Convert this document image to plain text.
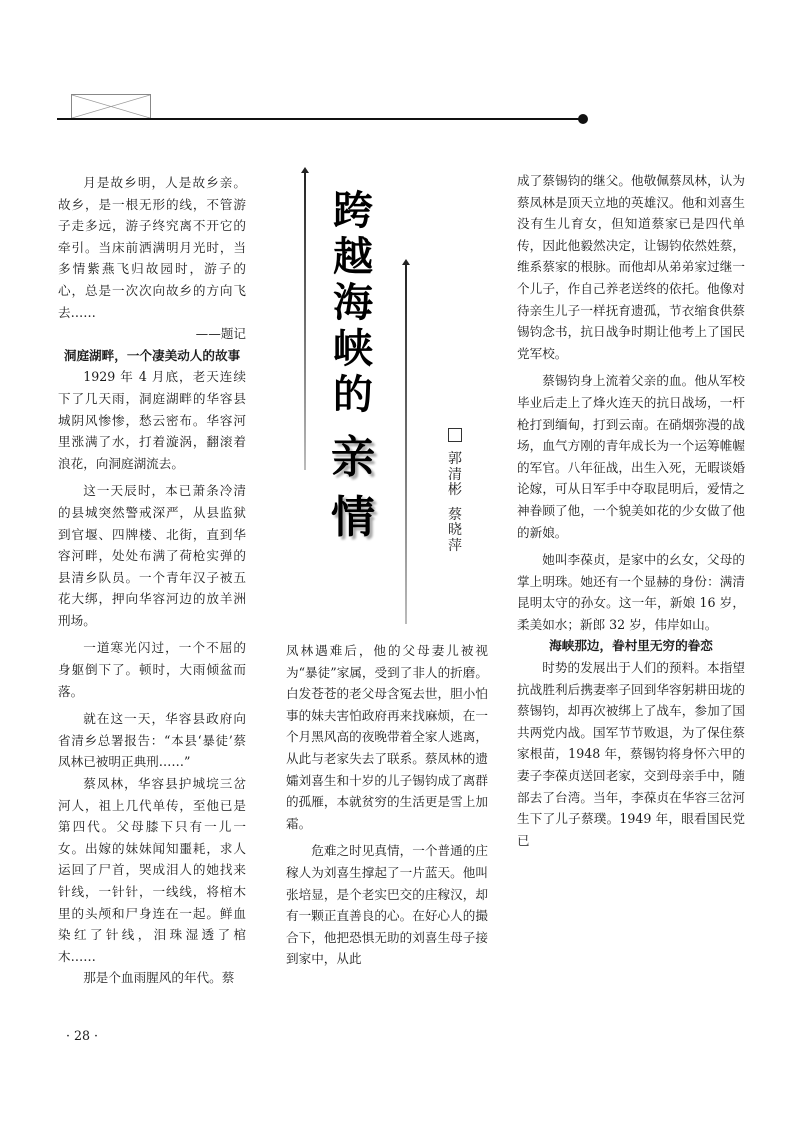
月是故乡明，人是故乡亲。故乡，是一根无形的线，不管游子走多远，游子终究离不开它的牵引。当床前洒满明月光时，当多情紫燕飞归故园时，游子的心，总是一次次向故乡的方向飞去……

——题记

洞庭湖畔，一个凄美动人的故事

1929 年 4 月底，老天连续下了几天雨，洞庭湖畔的华容县城阴风惨惨，愁云密布。华容河里涨满了水，打着漩涡，翻滚着浪花，向洞庭湖流去。

这一天辰时，本已萧条冷清的县城突然警戒深严，从县监狱到官堰、四牌楼、北街，直到华容河畔，处处布满了荷枪实弹的县清乡队员。一个青年汉子被五花大绑，押向华容河边的放羊洲刑场。

一道寒光闪过，一个不屈的身躯倒下了。顿时，大雨倾盆而落。

就在这一天，华容县政府向省清乡总署报告：“本县‘暴徒’蔡凤林已被明正典刑……”

蔡凤林，华容县护城垸三岔河人，祖上几代单传，至他已是第四代。父母膝下只有一儿一女。出嫁的妹妹闻知噩耗，求人运回了尸首，哭成泪人的她找来针线，一针针，一线线，将棺木里的头颅和尸身连在一起。鲜血染红了针线，泪珠湿透了棺木……

那是个血雨腥风的年代。蔡

跨
越
海
峡
的
亲
情
郭
清
彬
蔡
晓
萍

凤林遇难后，他的父母妻儿被视为“暴徒”家属，受到了非人的折磨。白发苍苍的老父母含冤去世，胆小怕事的妹夫害怕政府再来找麻烦，在一个月黑风高的夜晚带着全家人逃离，从此与老家失去了联系。蔡凤林的遗孀刘喜生和十岁的儿子锡钧成了离群的孤雁，本就贫穷的生活更是雪上加霜。

危难之时见真情，一个普通的庄稼人为刘喜生撑起了一片蓝天。他叫张培显，是个老实巴交的庄稼汉，却有一颗正直善良的心。在好心人的撮合下，他把恐惧无助的刘喜生母子接到家中，从此

成了蔡锡钧的继父。他敬佩蔡凤林，认为蔡凤林是顶天立地的英雄汉。他和刘喜生没有生儿育女，但知道蔡家已是四代单传，因此他毅然决定，让锡钧依然姓蔡，维系蔡家的根脉。而他却从弟弟家过继一个儿子，作自己养老送终的依托。他像对待亲生儿子一样抚育遗孤，节衣缩食供蔡锡钧念书，抗日战争时期让他考上了国民党军校。

蔡锡钧身上流着父亲的血。他从军校毕业后走上了烽火连天的抗日战场，一杆枪打到缅甸，打到云南。在硝烟弥漫的战场，血气方刚的青年成长为一个运筹帷幄的军官。八年征战，出生入死，无暇谈婚论嫁，可从日军手中夺取昆明后，爱情之神眷顾了他，一个貌美如花的少女做了他的新娘。

她叫李葆贞，是家中的幺女，父母的掌上明珠。她还有一个显赫的身份：满清昆明太守的孙女。这一年，新娘 16 岁，柔美如水；新郎 32 岁，伟岸如山。

海峡那边，眷村里无穷的眷恋

时势的发展出于人们的预料。本指望抗战胜利后携妻率子回到华容躬耕田垅的蔡锡钧，却再次被绑上了战车，参加了国共两党内战。国军节节败退，为了保住蔡家根苗，1948 年，蔡锡钧将身怀六甲的妻子李葆贞送回老家，交到母亲手中，随部去了台湾。当年，李葆贞在华容三岔河生下了儿子蔡璞。1949 年，眼看国民党已

· 28 ·
